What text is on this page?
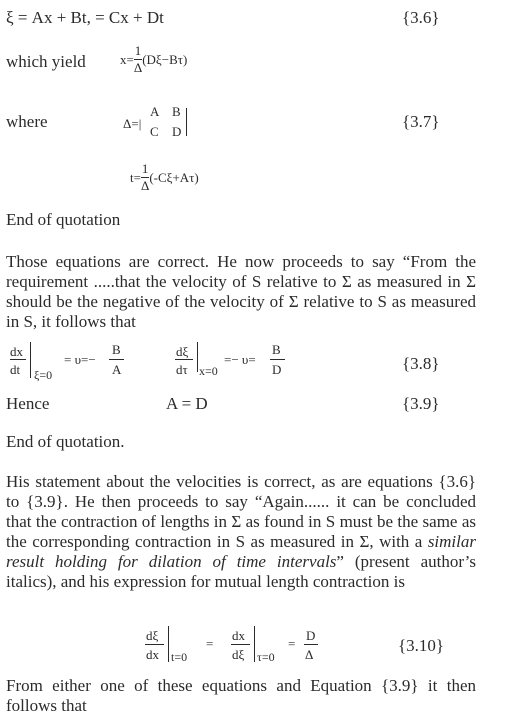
ξ = Ax + Bt, = Cx + Dt	{3.6}
which yield	$x= \frac{1}{\Delta} (D\xi-B\tau)$
where	Δ=|
A B
C D
{3.7}
$t= \frac{1}{\Delta} (-C\xi+A\tau)$
End of quotation
Those equations are correct. He now proceeds to say “From the requirement .....that the velocity of S relative to Σ as measured in Σ should be the negative of the velocity of Σ relative to S as measured in S, it follows that
dx
dt ξ=0
= υ=−
B
A
dξ
dτ x=0
=− υ=
B
D	{3.8}
Hence	A = D	{3.9}
End of quotation.
His statement about the velocities is correct, as are equations {3.6} to {3.9}. He then proceeds to say “Again...... it can be concluded that the contraction of lengths in Σ as found in S must be the same as the corresponding contraction in S as measured in Σ, with a similar result holding for dilation of time intervals” (present author’s italics), and his expression for mutual length contraction is
dξ
dx t=0
=
dx
dξ τ=0
=
D
Δ	{3.10}
From either one of these equations and Equation {3.9} it then follows that
